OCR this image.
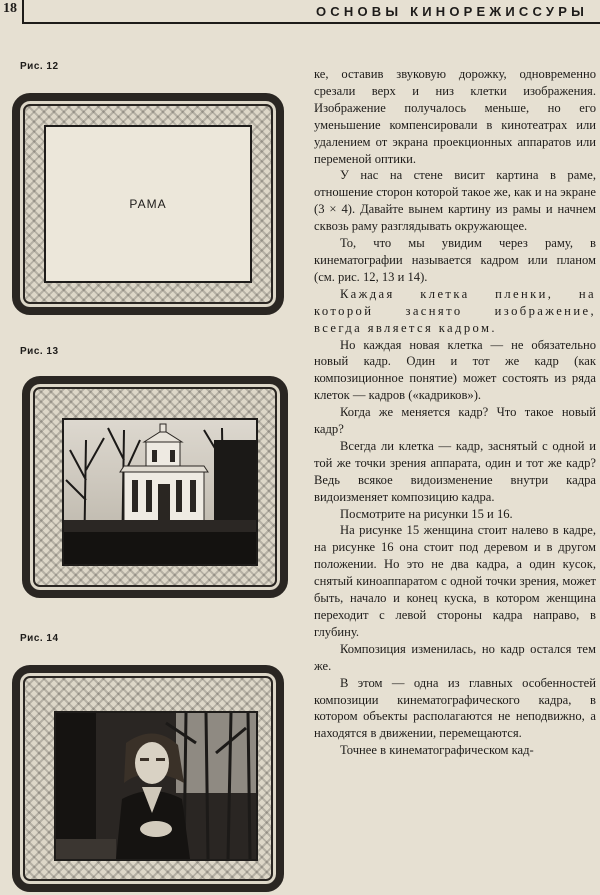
18	ОСНОВЫ КИНОРЕЖИССУРЫ
Рис. 12
РАМА
Рис. 13
Рис. 14

ке, оставив звуковую дорожку, одновременно срезали верх и низ клетки изображения. Изображение получалось меньше, но его уменьшение компенсировали в кинотеатрах или удалением от экрана проекционных аппаратов или переменой оптики.

У нас на стене висит картина в раме, отношение сторон которой такое же, как и на экране (3 × 4). Давайте вынем картину из рамы и начнем сквозь раму разглядывать окружающее.

То, что мы увидим через раму, в кинематографии называется кадром или планом (см. рис. 12, 13 и 14).

Каждая клетка пленки, на которой заснято изображение, всегда является кадром.

Но каждая новая клетка — не обязательно новый кадр. Один и тот же кадр (как композиционное понятие) может состоять из ряда клеток — кадров («кадриков»).

Когда же меняется кадр? Что такое новый кадр?

Всегда ли клетка — кадр, заснятый с одной и той же точки зрения аппарата, один и тот же кадр? Ведь всякое видоизменение внутри кадра видоизменяет композицию кадра.

Посмотрите на рисунки 15 и 16.

На рисунке 15 женщина стоит налево в кадре, на рисунке 16 она стоит под деревом и в другом положении. Но это не два кадра, а один кусок, снятый киноаппаратом с одной точки зрения, может быть, начало и конец куска, в котором женщина переходит с левой стороны кадра направо, в глубину.

Композиция изменилась, но кадр остался тем же.

В этом — одна из главных особенностей композиции кинематографического кадра, в котором объекты располагаются не неподвижно, а находятся в движении, перемещаются.

Точнее в кинематографическом кад-
